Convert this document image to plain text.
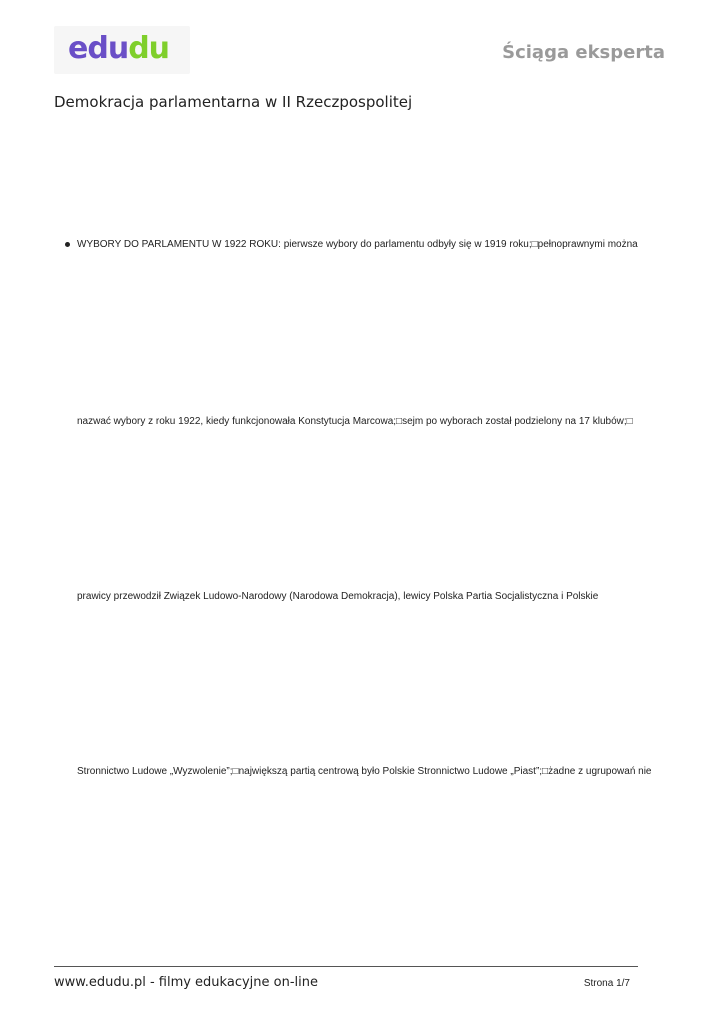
edudu	Ściąga eksperta
Demokracja parlamentarna w II Rzeczpospolitej
WYBORY DO PARLAMENTU W 1922 ROKU: pierwsze wybory do parlamentu odbyły się w 1919 roku;□pełnoprawnymi można
nazwać wybory z roku 1922, kiedy funkcjonowała Konstytucja Marcowa;□sejm po wyborach został podzielony na 17 klubów;□
prawicy przewodził Związek Ludowo-Narodowy (Narodowa Demokracja), lewicy Polska Partia Socjalistyczna i Polskie
Stronnictwo Ludowe „Wyzwolenie”;□największą partią centrową było Polskie Stronnictwo Ludowe „Piast”;□żadne z ugrupowań nie
www.edudu.pl - filmy edukacyjne on-line	Strona 1/7
